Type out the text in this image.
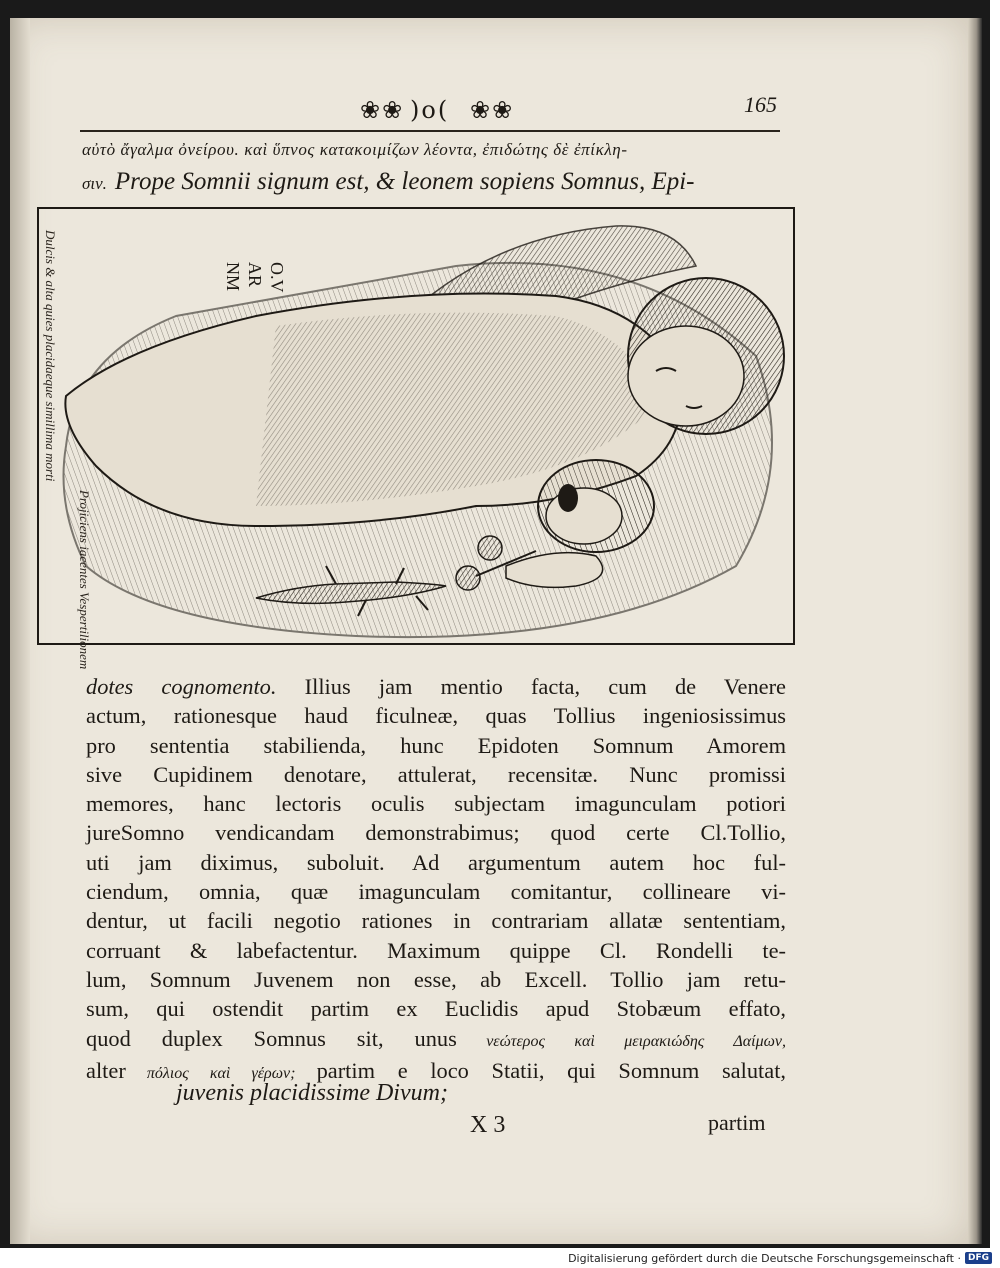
❀❀ )o( ❀❀	165
αὐτὸ ἄγαλμα ὀνείρου. καὶ ὕπνος κατακοιμίζων λέοντα, ἐπιδώτης δὲ ἐπίκλη-
σιν. Prope Somnii signum est, & leonem sopiens Somnus, Epi-
O.V
AR
NM
Dulcis & alta quies placidaeque simillima morti
Projiciens iacentes Vespertilionem
dotes cognomento. Illius jam mentio facta, cum de Venere
actum, rationesque haud ficulneæ, quas Tollius ingeniosissimus
pro sententia stabilienda, hunc Epidoten Somnum Amorem
sive Cupidinem denotare, attulerat, recensitæ. Nunc promissi
memores, hanc lectoris oculis subjectam imagunculam potiori
jureSomno vendicandam demonstrabimus; quod certe Cl.Tollio,
uti jam diximus, suboluit. Ad argumentum autem hoc ful-
ciendum, omnia, quæ imagunculam comitantur, collineare vi-
dentur, ut facili negotio rationes in contrariam allatæ sententiam,
corruant & labefactentur. Maximum quippe Cl. Rondelli te-
lum, Somnum Juvenem non esse, ab Excell. Tollio jam retu-
sum, qui ostendit partim ex Euclidis apud Stobæum effato,
quod duplex Somnus sit, unus νεώτερος καὶ μειρακιώδης Δαίμων,
alter πόλιος καὶ γέρων; partim e loco Statii, qui Somnum salutat,
juvenis placidissime Divum;
X 3	partim
Digitalisierung gefördert durch die Deutsche Forschungsgemeinschaft · DFG
